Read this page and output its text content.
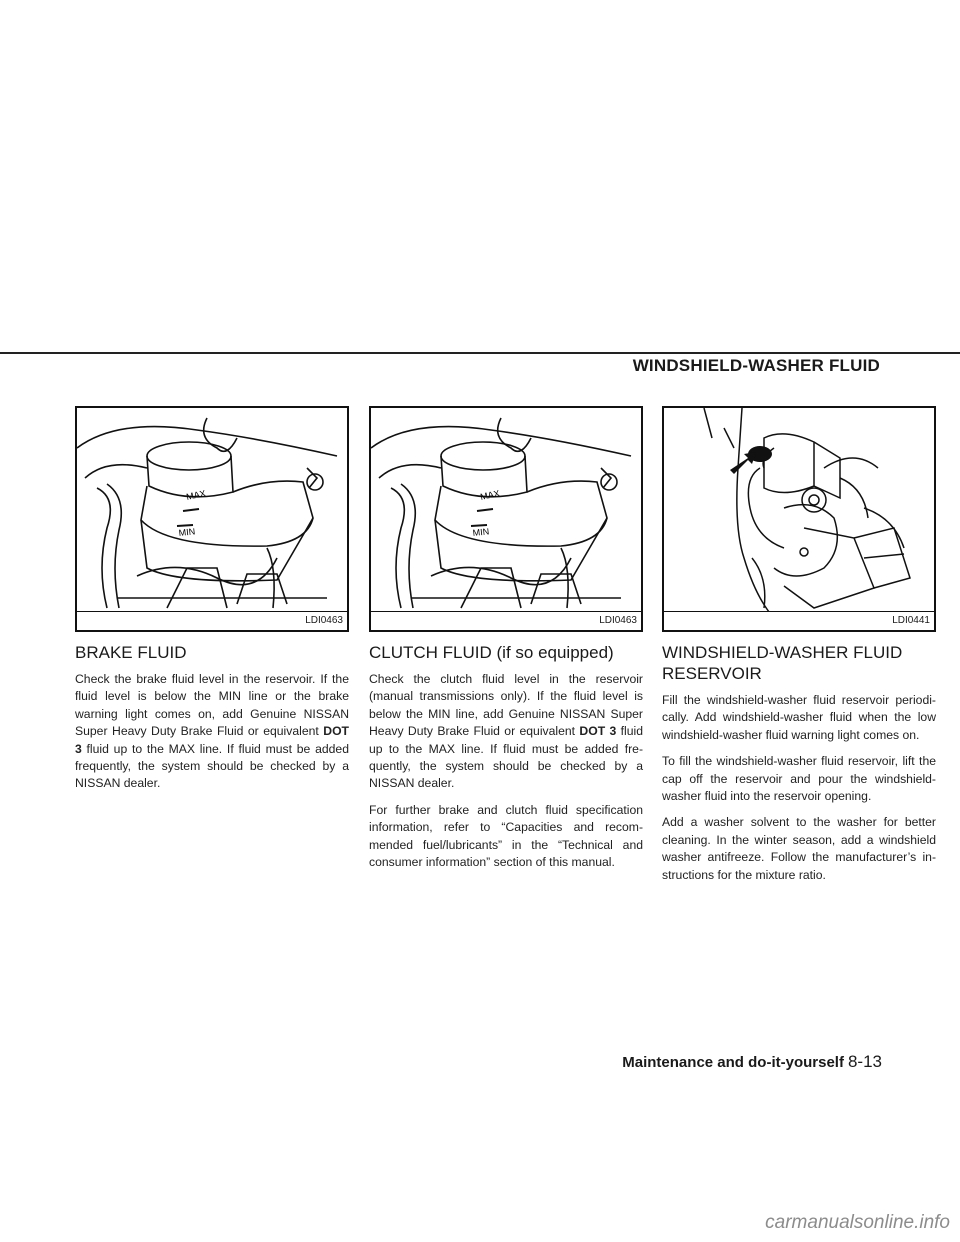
WINDSHIELD-WASHER FLUID
MAX
MIN
LDI0463
BRAKE FLUID

Check the brake fluid level in the reservoir. If the fluid level is below the MIN line or the brake warning light comes on, add Genuine NISSAN Super Heavy Duty Brake Fluid or equivalent DOT 3 fluid up to the MAX line. If fluid must be added frequently, the system should be checked by a NISSAN dealer.

MAX
MIN
LDI0463
CLUTCH FLUID (if so equipped)

Check the clutch fluid level in the reservoir (manual transmissions only). If the fluid level is below the MIN line, add Genuine NISSAN Super Heavy Duty Brake Fluid or equivalent DOT 3 fluid up to the MAX line. If fluid must be added fre- quently, the system should be checked by a NISSAN dealer.

For further brake and clutch fluid specification information, refer to “Capacities and recom- mended fuel/lubricants” in the “Technical and consumer information” section of this manual.

LDI0441
WINDSHIELD-WASHER FLUID RESERVOIR

Fill the windshield-washer fluid reservoir periodi- cally. Add windshield-washer fluid when the low windshield-washer fluid warning light comes on.

To fill the windshield-washer fluid reservoir, lift the cap off the reservoir and pour the windshield- washer fluid into the reservoir opening.

Add a washer solvent to the washer for better cleaning. In the winter season, add a windshield washer antifreeze. Follow the manufacturer’s in- structions for the mixture ratio.

Maintenance and do-it-yourself 8-13
carmanualsonline.info
